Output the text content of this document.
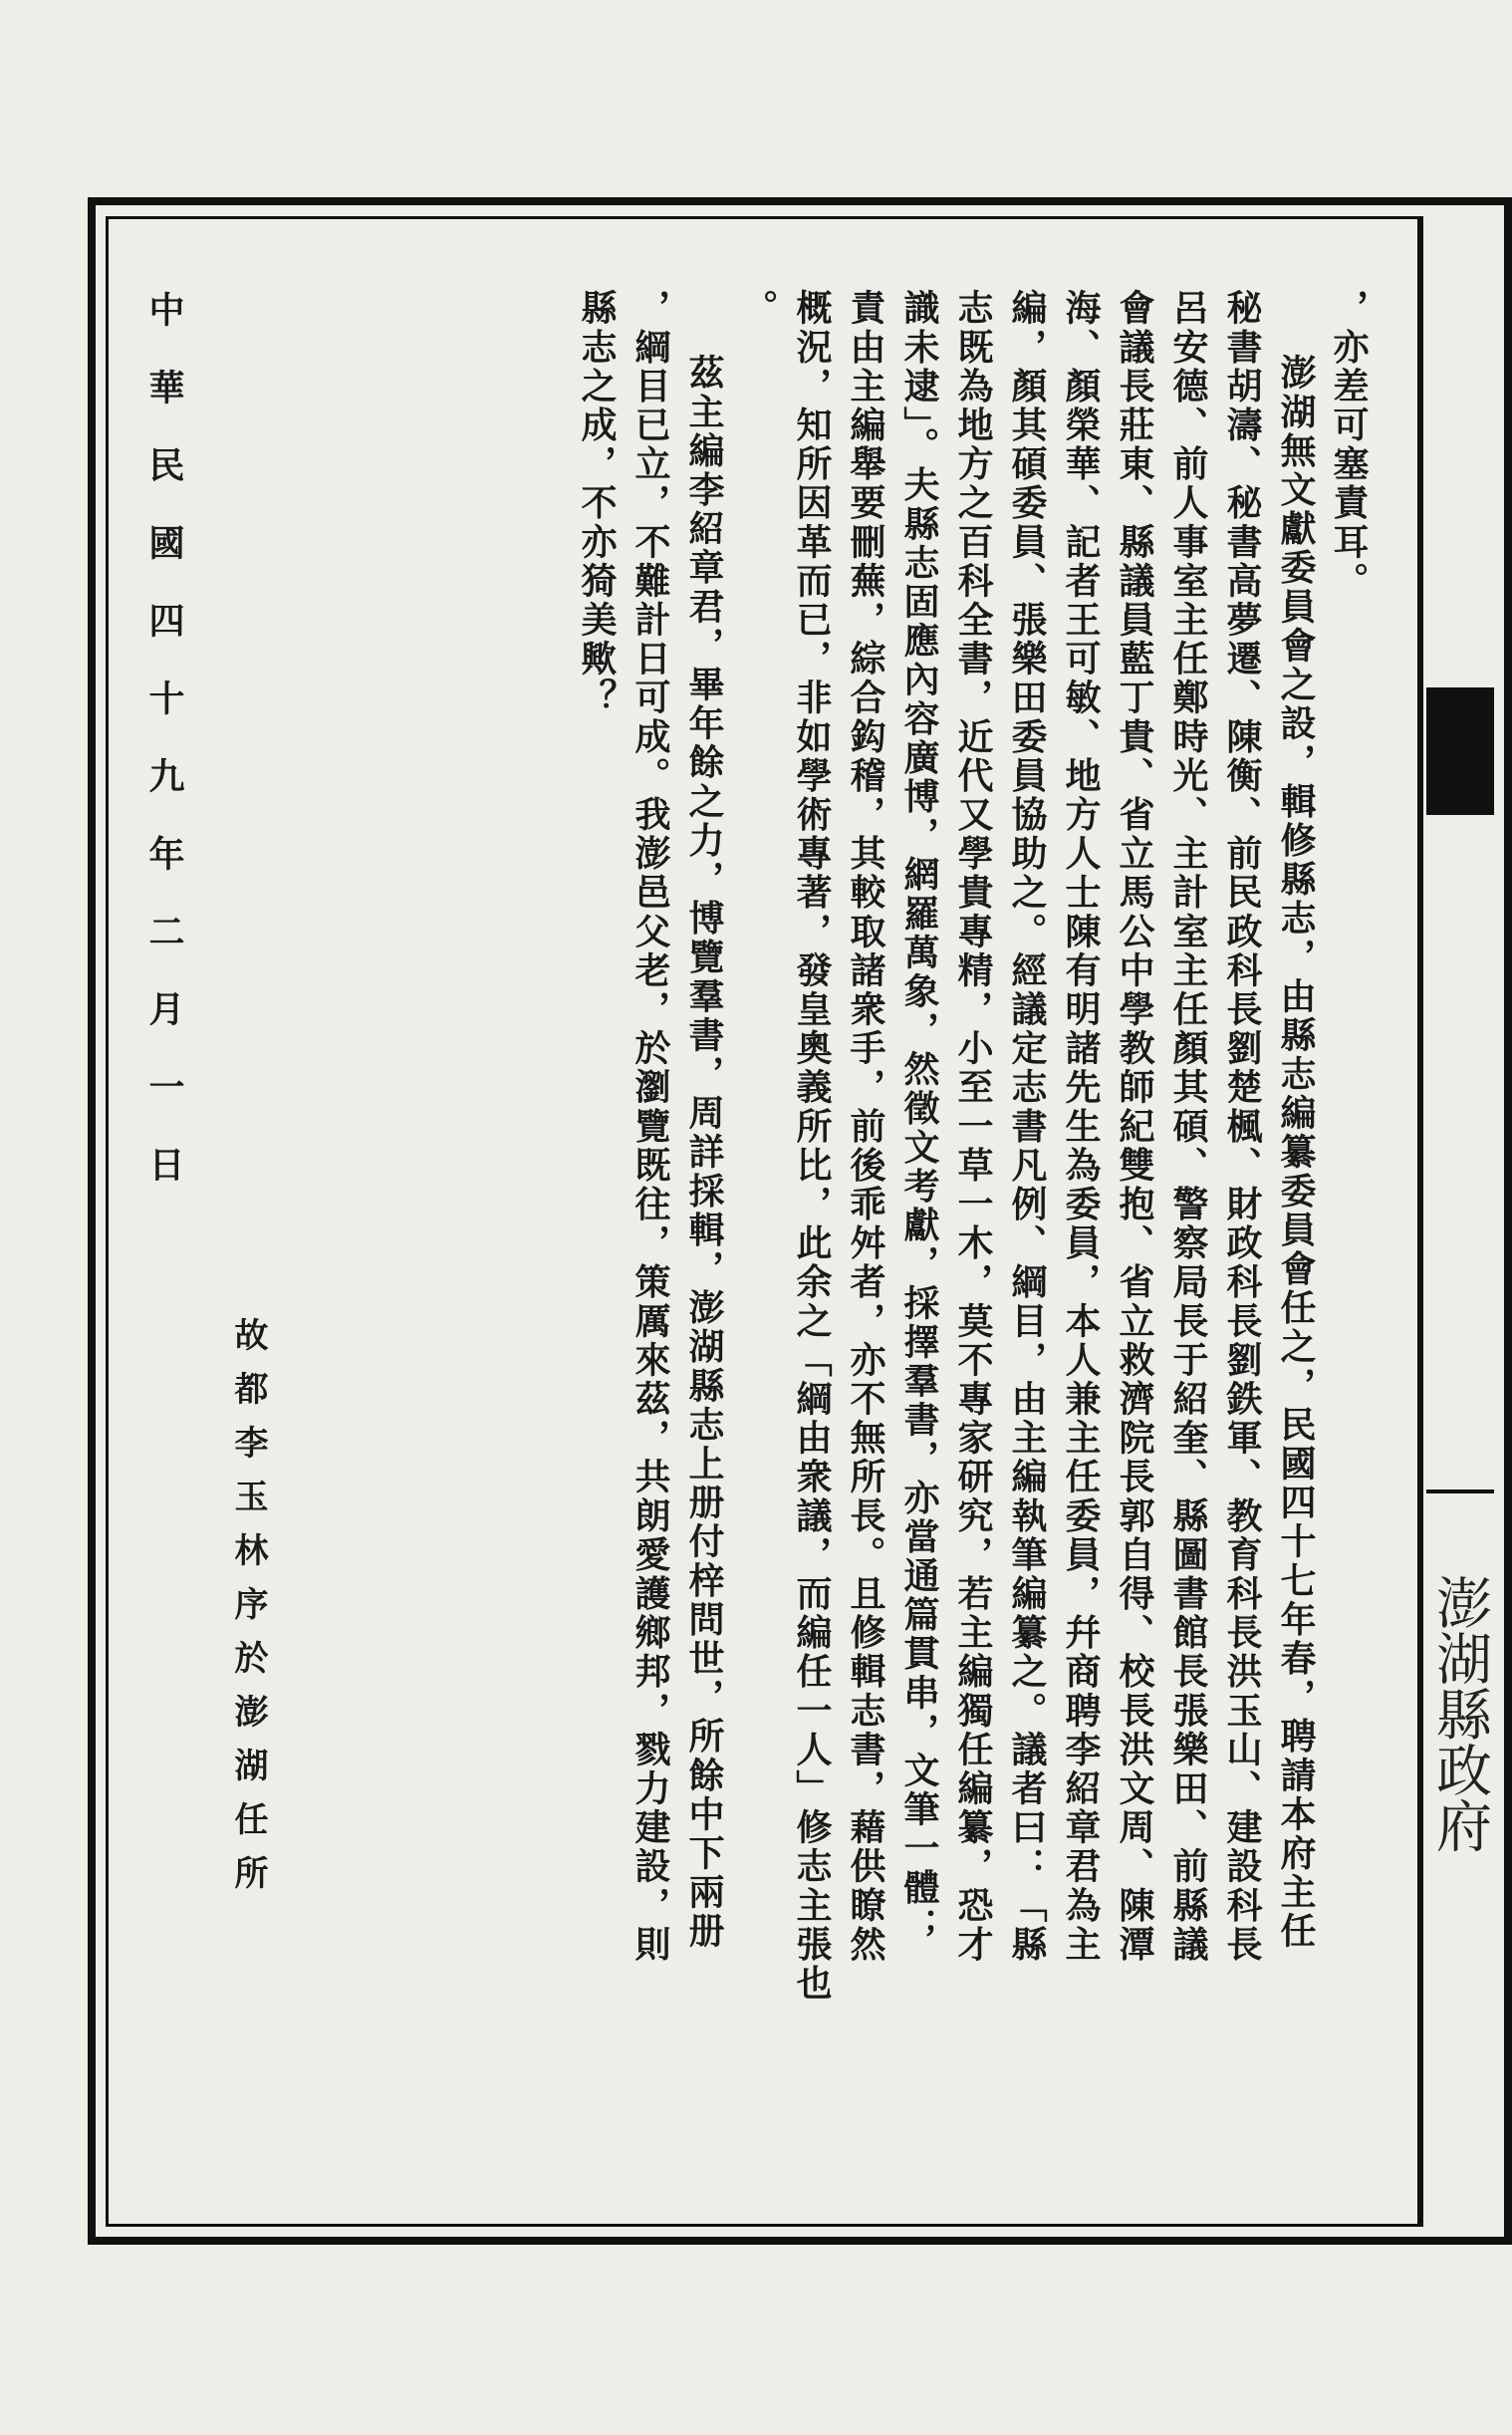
澎湖縣政府
，亦差可塞責耳。
澎湖無文獻委員會之設，輯修縣志，由縣志編纂委員會任之，民國四十七年春，聘請本府主任
秘書胡濤、秘書高夢遷、陳衡、前民政科長劉楚楓、財政科長劉鉄軍、教育科長洪玉山、建設科長
呂安德、前人事室主任鄭時光、主計室主任顏其碩、警察局長于紹奎、縣圖書館長張樂田、前縣議
會議長莊東、縣議員藍丁貴、省立馬公中學教師紀雙抱、省立救濟院長郭自得、校長洪文周、陳潭
海、顏榮華、記者王可敏、地方人士陳有明諸先生為委員，本人兼主任委員，幷商聘李紹章君為主
編，顏其碩委員、張樂田委員協助之。經議定志書凡例、綱目，由主編執筆編纂之。議者曰：「縣
志既為地方之百科全書，近代又學貴專精，小至一草一木，莫不專家研究，若主編獨任編纂，恐才
識未逮」。夫縣志固應內容廣博，網羅萬象，然徵文考獻，採擇羣書，亦當通篇貫串，文筆一體；
責由主編舉要刪蕪，綜合鈎稽，其較取諸衆手，前後乖舛者，亦不無所長。且修輯志書，藉供瞭然
概況，知所因革而已，非如學術專著，發皇奧義所比，此余之「綱由衆議，而編任一人」修志主張也
。
茲主編李紹章君，畢年餘之力，博覽羣書，周詳採輯，澎湖縣志上册付梓問世，所餘中下兩册
，綱目已立，不難計日可成。我澎邑父老，於瀏覽既往，策厲來茲，共朗愛護鄉邦，戮力建設，則
縣志之成，不亦猗美歟？
故都李玉林序於澎湖任所
中華民國四十九年二月一日
